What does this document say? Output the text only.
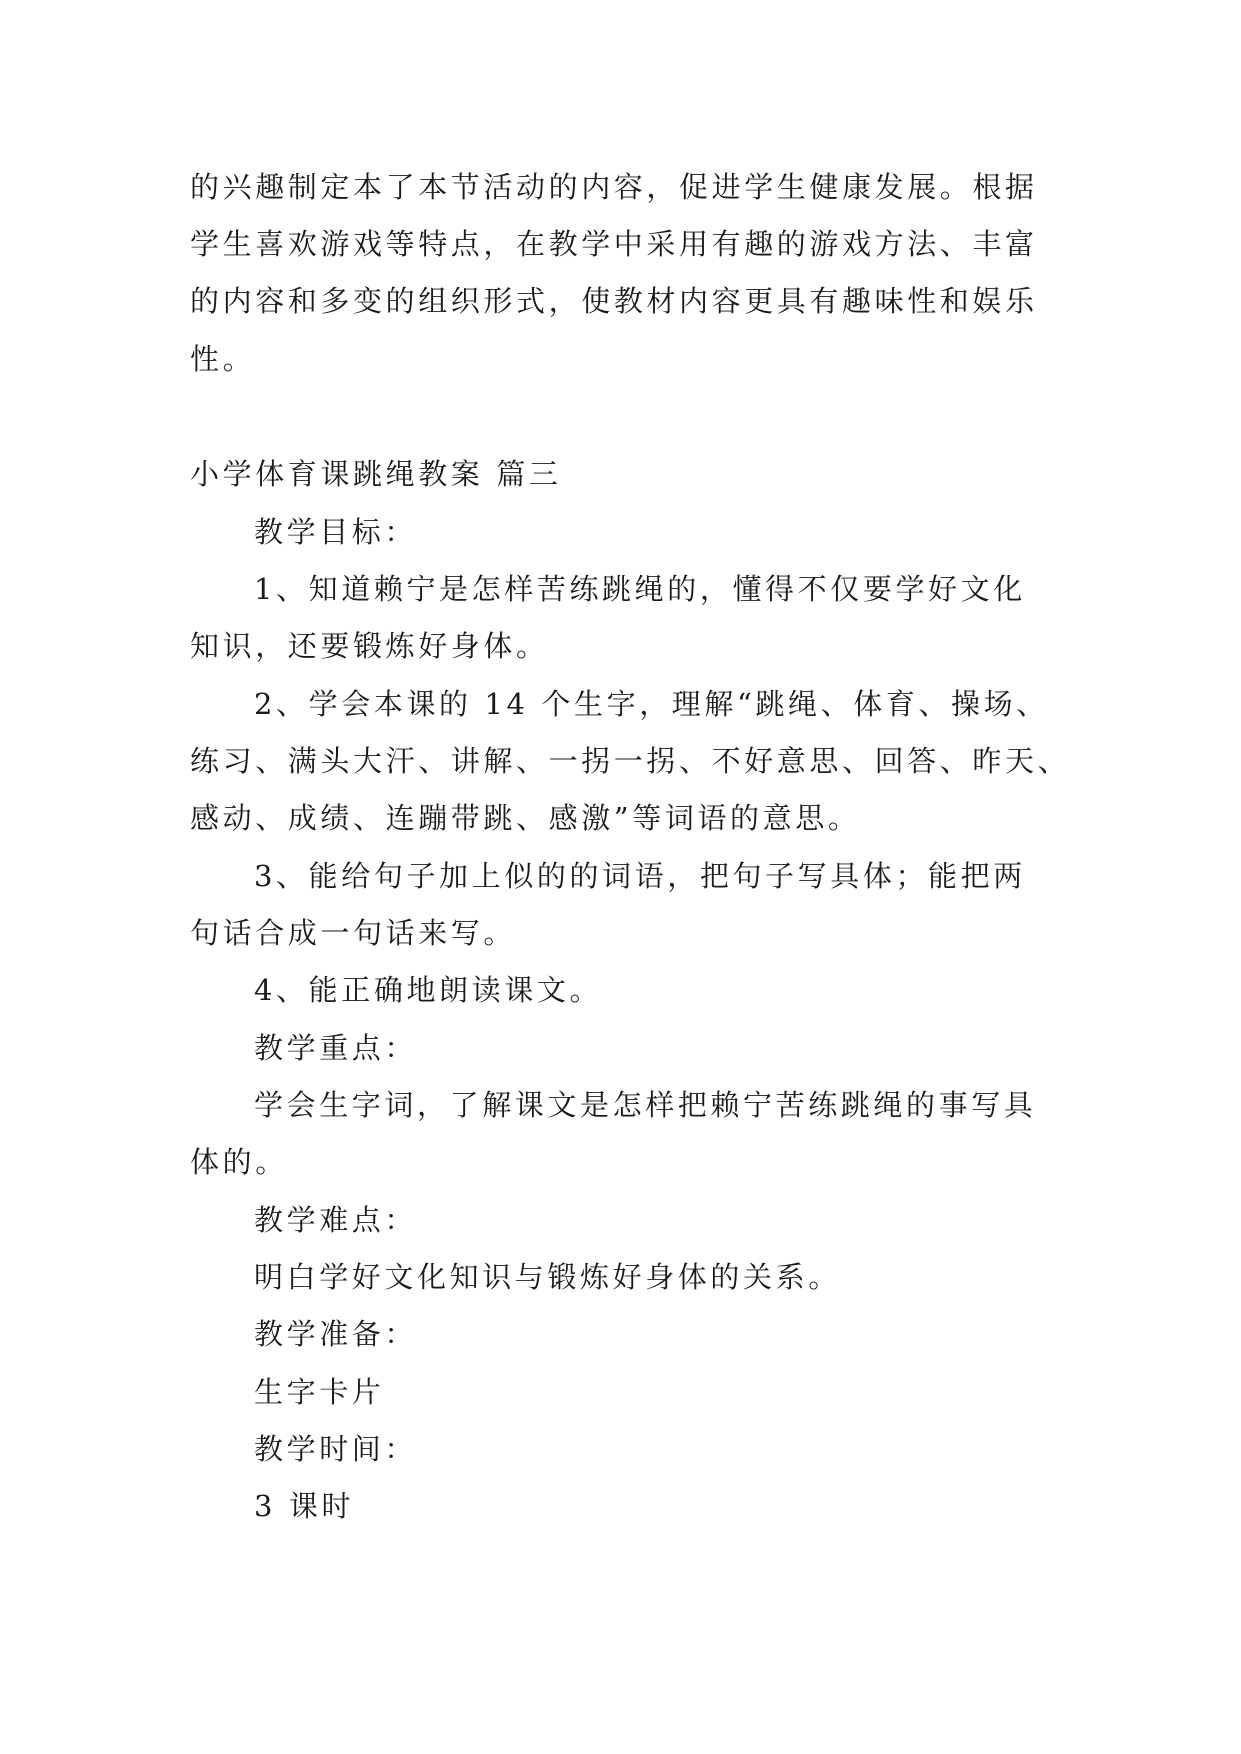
的兴趣制定本了本节活动的内容，促进学生健康发展。根据
学生喜欢游戏等特点，在教学中采用有趣的游戏方法、丰富
的内容和多变的组织形式，使教材内容更具有趣味性和娱乐
性。
小学体育课跳绳教案 篇三
教学目标：
1、知道赖宁是怎样苦练跳绳的，懂得不仅要学好文化
知识，还要锻炼好身体。
2、学会本课的 14 个生字，理解“跳绳、体育、操场、
练习、满头大汗、讲解、一拐一拐、不好意思、回答、昨天、
感动、成绩、连蹦带跳、感激”等词语的意思。
3、能给句子加上似的的词语，把句子写具体；能把两
句话合成一句话来写。
4、能正确地朗读课文。
教学重点：
学会生字词，了解课文是怎样把赖宁苦练跳绳的事写具
体的。
教学难点：
明白学好文化知识与锻炼好身体的关系。
教学准备：
生字卡片
教学时间：
3 课时
